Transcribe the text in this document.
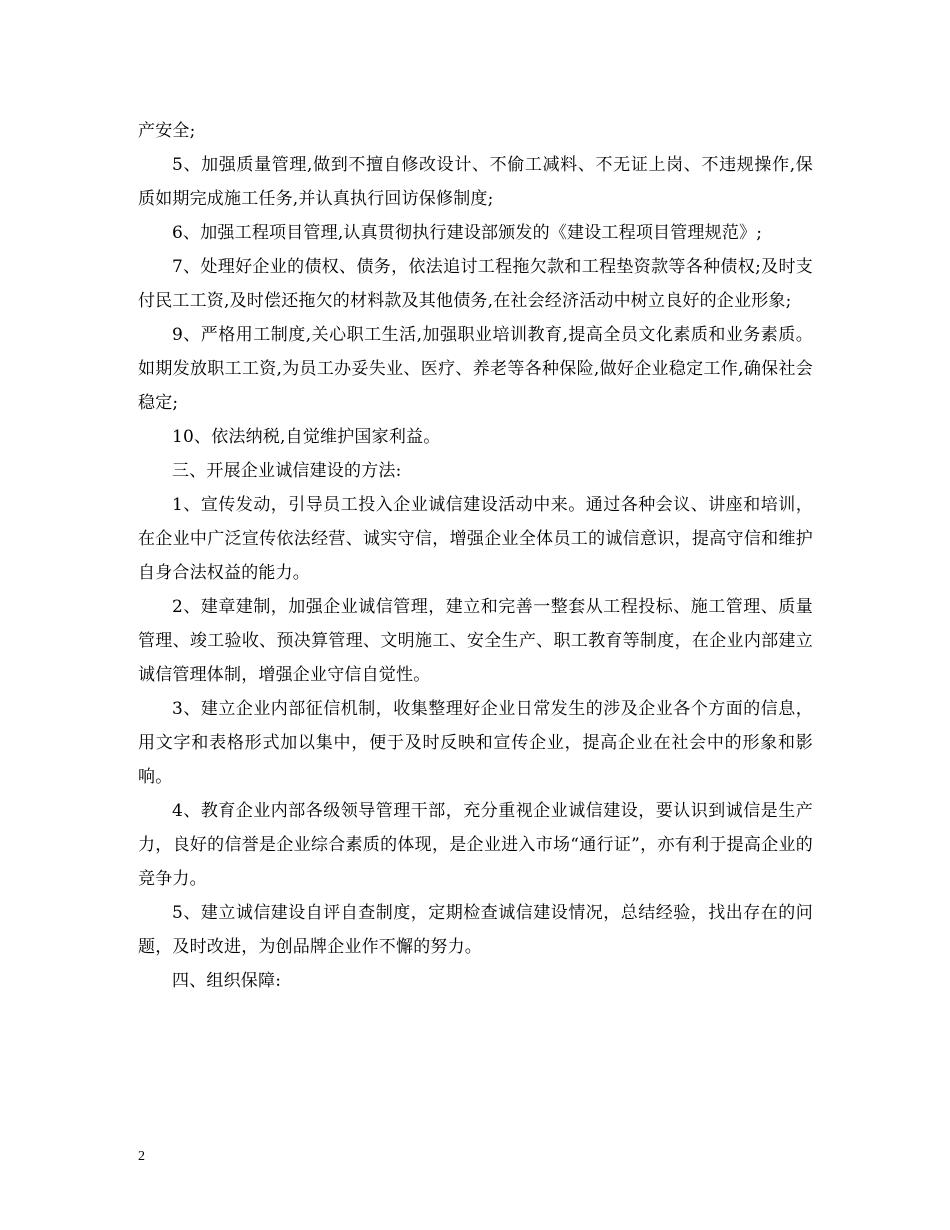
产安全;

5、加强质量管理,做到不擅自修改设计、不偷工减料、不无证上岗、不违规操作,保质如期完成施工任务,并认真执行回访保修制度;

6、加强工程项目管理,认真贯彻执行建设部颁发的《建设工程项目管理规范》;

7、处理好企业的债权、债务，依法追讨工程拖欠款和工程垫资款等各种债权;及时支付民工工资,及时偿还拖欠的材料款及其他债务,在社会经济活动中树立良好的企业形象;

9、严格用工制度,关心职工生活,加强职业培训教育,提高全员文化素质和业务素质。如期发放职工工资,为员工办妥失业、医疗、养老等各种保险,做好企业稳定工作,确保社会稳定;

10、依法纳税,自觉维护国家利益。

三、开展企业诚信建设的方法:

1、宣传发动，引导员工投入企业诚信建设活动中来。通过各种会议、讲座和培训，在企业中广泛宣传依法经营、诚实守信，增强企业全体员工的诚信意识，提高守信和维护自身合法权益的能力。

2、建章建制，加强企业诚信管理，建立和完善一整套从工程投标、施工管理、质量管理、竣工验收、预决算管理、文明施工、安全生产、职工教育等制度，在企业内部建立诚信管理体制，增强企业守信自觉性。

3、建立企业内部征信机制，收集整理好企业日常发生的涉及企业各个方面的信息，用文字和表格形式加以集中，便于及时反映和宣传企业，提高企业在社会中的形象和影响。

4、教育企业内部各级领导管理干部，充分重视企业诚信建设，要认识到诚信是生产力，良好的信誉是企业综合素质的体现，是企业进入市场“通行证”，亦有利于提高企业的竞争力。

5、建立诚信建设自评自查制度，定期检查诚信建设情况，总结经验，找出存在的问题，及时改进，为创品牌企业作不懈的努力。

四、组织保障:

2
